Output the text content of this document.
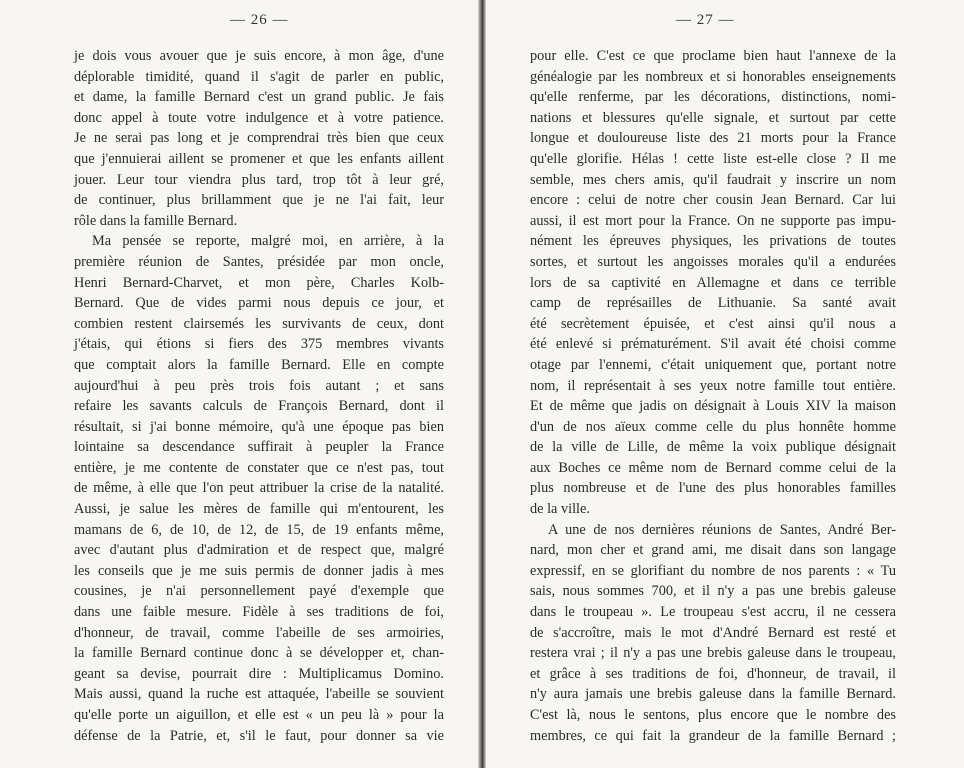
— 26 —
je dois vous avouer que je suis encore, à mon âge, d'une
déplorable timidité, quand il s'agit de parler en public,
et dame, la famille Bernard c'est un grand public. Je fais
donc appel à toute votre indulgence et à votre patience.
Je ne serai pas long et je comprendrai très bien que ceux
que j'ennuierai aillent se promener et que les enfants aillent
jouer. Leur tour viendra plus tard, trop tôt à leur gré,
de continuer, plus brillamment que je ne l'ai fait, leur
rôle dans la famille Bernard.
Ma pensée se reporte, malgré moi, en arrière, à la
première réunion de Santes, présidée par mon oncle,
Henri Bernard-Charvet, et mon père, Charles Kolb-
Bernard. Que de vides parmi nous depuis ce jour, et
combien restent clairsemés les survivants de ceux, dont
j'étais, qui étions si fiers des 375 membres vivants
que comptait alors la famille Bernard. Elle en compte
aujourd'hui à peu près trois fois autant ; et sans
refaire les savants calculs de François Bernard, dont il
résultait, si j'ai bonne mémoire, qu'à une époque pas bien
lointaine sa descendance suffirait à peupler la France
entière, je me contente de constater que ce n'est pas, tout
de même, à elle que l'on peut attribuer la crise de la natalité.
Aussi, je salue les mères de famille qui m'entourent, les
mamans de 6, de 10, de 12, de 15, de 19 enfants même,
avec d'autant plus d'admiration et de respect que, malgré
les conseils que je me suis permis de donner jadis à mes
cousines, je n'ai personnellement payé d'exemple que
dans une faible mesure. Fidèle à ses traditions de foi,
d'honneur, de travail, comme l'abeille de ses armoiries,
la famille Bernard continue donc à se développer et, chan-
geant sa devise, pourrait dire : Multiplicamus Domino.
Mais aussi, quand la ruche est attaquée, l'abeille se souvient
qu'elle porte un aiguillon, et elle est « un peu là » pour la
défense de la Patrie, et, s'il le faut, pour donner sa vie
— 27 —
pour elle. C'est ce que proclame bien haut l'annexe de la
généalogie par les nombreux et si honorables enseignements
qu'elle renferme, par les décorations, distinctions, nomi-
nations et blessures qu'elle signale, et surtout par cette
longue et douloureuse liste des 21 morts pour la France
qu'elle glorifie. Hélas ! cette liste est-elle close ? Il me
semble, mes chers amis, qu'il faudrait y inscrire un nom
encore : celui de notre cher cousin Jean Bernard. Car lui
aussi, il est mort pour la France. On ne supporte pas impu-
nément les épreuves physiques, les privations de toutes
sortes, et surtout les angoisses morales qu'il a endurées
lors de sa captivité en Allemagne et dans ce terrible
camp de représailles de Lithuanie. Sa santé avait
été secrètement épuisée, et c'est ainsi qu'il nous a
été enlevé si prématurément. S'il avait été choisi comme
otage par l'ennemi, c'était uniquement que, portant notre
nom, il représentait à ses yeux notre famille tout entière.
Et de même que jadis on désignait à Louis XIV la maison
d'un de nos aïeux comme celle du plus honnête homme
de la ville de Lille, de même la voix publique désignait
aux Boches ce même nom de Bernard comme celui de la
plus nombreuse et de l'une des plus honorables familles
de la ville.
A une de nos dernières réunions de Santes, André Ber-
nard, mon cher et grand ami, me disait dans son langage
expressif, en se glorifiant du nombre de nos parents : « Tu
sais, nous sommes 700, et il n'y a pas une brebis galeuse
dans le troupeau ». Le troupeau s'est accru, il ne cessera
de s'accroître, mais le mot d'André Bernard est resté et
restera vrai ; il n'y a pas une brebis galeuse dans le troupeau,
et grâce à ses traditions de foi, d'honneur, de travail, il
n'y aura jamais une brebis galeuse dans la famille Bernard.
C'est là, nous le sentons, plus encore que le nombre des
membres, ce qui fait la grandeur de la famille Bernard ;
